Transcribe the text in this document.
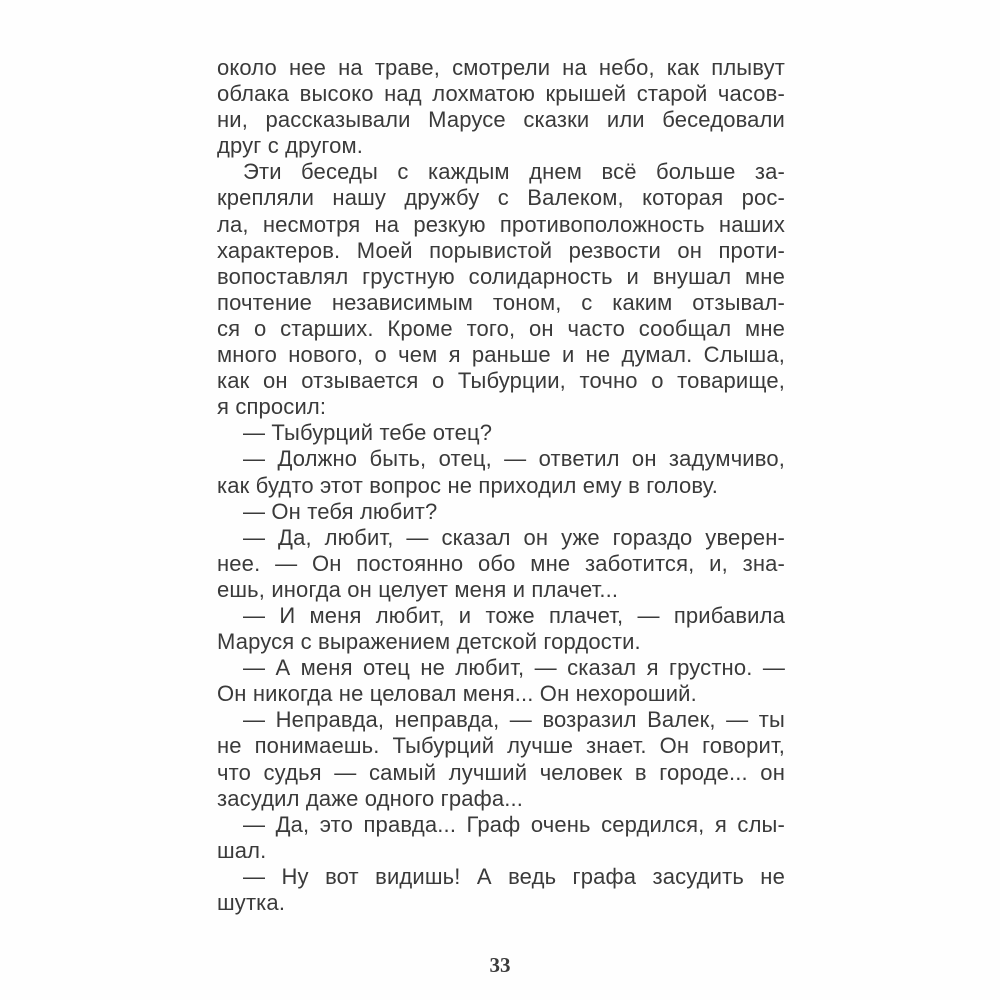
около нее на траве, смотрели на небо, как плывут
облака высоко над лохматою крышей старой часов-
ни, рассказывали Марусе сказки или беседовали
друг с другом.
Эти беседы с каждым днем всё больше за-
крепляли нашу дружбу с Валеком, которая рос-
ла, несмотря на резкую противоположность наших
характеров. Моей порывистой резвости он проти-
вопоставлял грустную солидарность и внушал мне
почтение независимым тоном, с каким отзывал-
ся о старших. Кроме того, он часто сообщал мне
много нового, о чем я раньше и не думал. Слыша,
как он отзывается о Тыбурции, точно о товарище,
я спросил:
— Тыбурций тебе отец?
— Должно быть, отец, — ответил он задумчиво,
как будто этот вопрос не приходил ему в голову.
— Он тебя любит?
— Да, любит, — сказал он уже гораздо уверен-
нее. — Он постоянно обо мне заботится, и, зна-
ешь, иногда он целует меня и плачет...
— И меня любит, и тоже плачет, — прибавила
Маруся с выражением детской гордости.
— А меня отец не любит, — сказал я грустно. —
Он никогда не целовал меня... Он нехороший.
— Неправда, неправда, — возразил Валек, — ты
не понимаешь. Тыбурций лучше знает. Он говорит,
что судья — самый лучший человек в городе... он
засудил даже одного графа...
— Да, это правда... Граф очень сердился, я слы-
шал.
— Ну вот видишь! А ведь графа засудить не
шутка.
33
